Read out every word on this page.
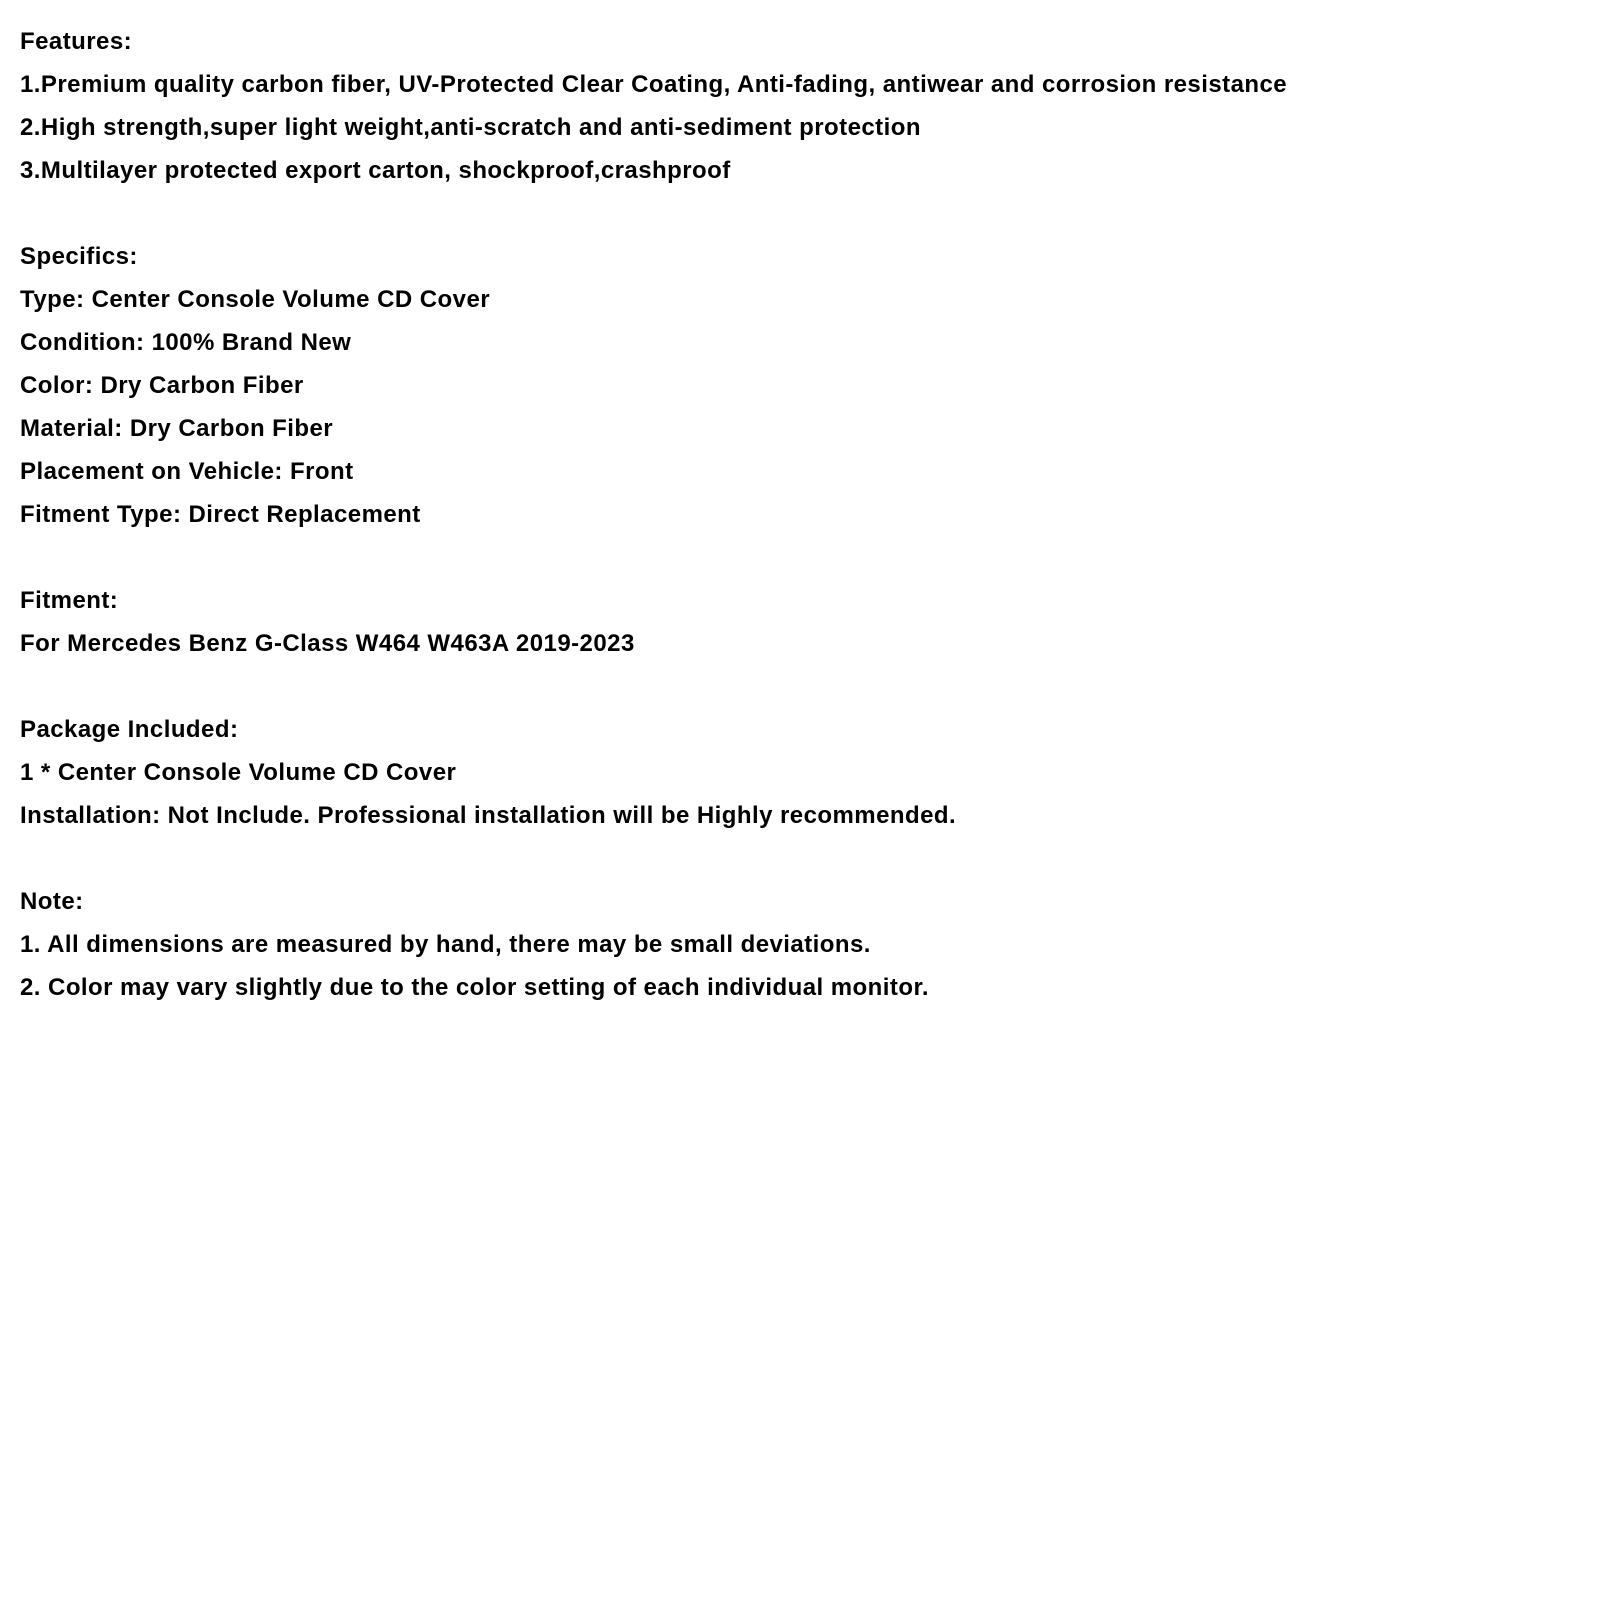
Features:

1.Premium quality carbon fiber, UV-Protected Clear Coating, Anti-fading, antiwear and corrosion resistance

2.High strength,super light weight,anti-scratch and anti-sediment protection

3.Multilayer protected export carton, shockproof,crashproof

Specifics:

Type: Center Console Volume CD Cover

Condition: 100% Brand New

Color: Dry Carbon Fiber

Material: Dry Carbon Fiber

Placement on Vehicle: Front

Fitment Type: Direct Replacement

Fitment:

For Mercedes Benz G-Class W464 W463A 2019-2023

Package Included:

1 * Center Console Volume CD Cover

Installation: Not Include. Professional installation will be Highly recommended.

Note:

1. All dimensions are measured by hand, there may be small deviations.

2. Color may vary slightly due to the color setting of each individual monitor.
